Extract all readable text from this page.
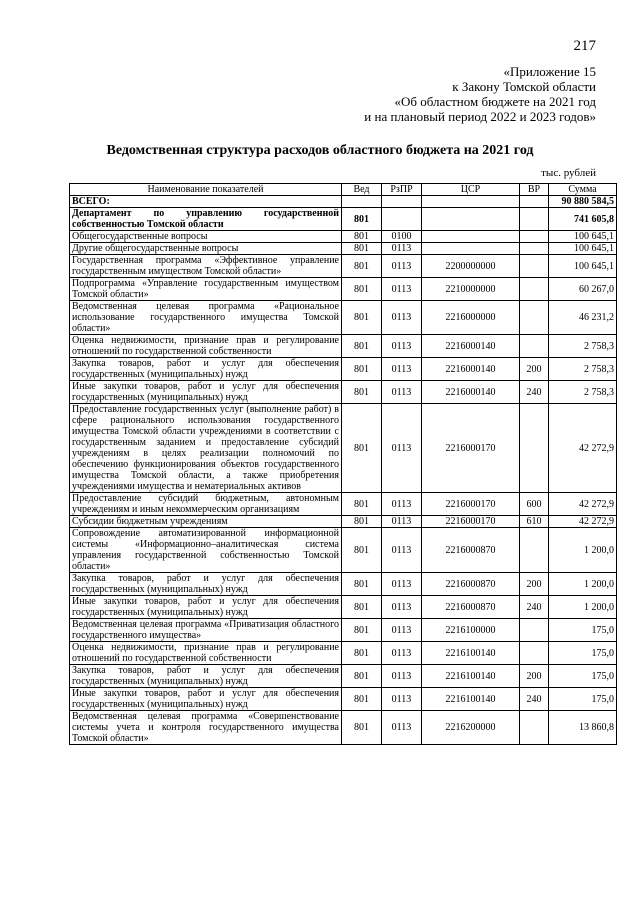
217
«Приложение 15
к Закону Томской области
«Об областном бюджете на 2021 год
и на плановый период 2022 и 2023 годов»
Ведомственная структура расходов областного бюджета на 2021 год
тыс. рублей
Наименование показателей	Вед	РзПР	ЦСР	ВР	Сумма
ВСЕГО:					90 880 584,5
Департамент по управлению государственной собственностью Томской области	801				741 605,8
Общегосударственные вопросы	801	0100			100 645,1
Другие общегосударственные вопросы	801	0113			100 645,1
Государственная программа «Эффективное управление государственным имуществом Томской области»	801	0113	2200000000		100 645,1
Подпрограмма «Управление государственным имуществом Томской области»	801	0113	2210000000		60 267,0
Ведомственная целевая программа «Рациональное использование государственного имущества Томской области»	801	0113	2216000000		46 231,2
Оценка недвижимости, признание прав и регулирование отношений по государственной собственности	801	0113	2216000140		2 758,3
Закупка товаров, работ и услуг для обеспечения государственных (муниципальных) нужд	801	0113	2216000140	200	2 758,3
Иные закупки товаров, работ и услуг для обеспечения государственных (муниципальных) нужд	801	0113	2216000140	240	2 758,3
Предоставление государственных услуг (выполнение работ) в сфере рационального использования государственного имущества Томской области учреждениями в соответствии с государственным заданием и предоставление субсидий учреждениям в целях реализации полномочий по обеспечению функционирования объектов государственного имущества Томской области, а также приобретения учреждениями имущества и нематериальных активов	801	0113	2216000170		42 272,9
Предоставление субсидий бюджетным, автономным учреждениям и иным некоммерческим организациям	801	0113	2216000170	600	42 272,9
Субсидии бюджетным учреждениям	801	0113	2216000170	610	42 272,9
Сопровождение автоматизированной информационной системы «Информационно–аналитическая система управления государственной собственностью Томской области»	801	0113	2216000870		1 200,0
Закупка товаров, работ и услуг для обеспечения государственных (муниципальных) нужд	801	0113	2216000870	200	1 200,0
Иные закупки товаров, работ и услуг для обеспечения государственных (муниципальных) нужд	801	0113	2216000870	240	1 200,0
Ведомственная целевая программа «Приватизация областного государственного имущества»	801	0113	2216100000		175,0
Оценка недвижимости, признание прав и регулирование отношений по государственной собственности	801	0113	2216100140		175,0
Закупка товаров, работ и услуг для обеспечения государственных (муниципальных) нужд	801	0113	2216100140	200	175,0
Иные закупки товаров, работ и услуг для обеспечения государственных (муниципальных) нужд	801	0113	2216100140	240	175,0
Ведомственная целевая программа «Совершенствование системы учета и контроля государственного имущества Томской области»	801	0113	2216200000		13 860,8
